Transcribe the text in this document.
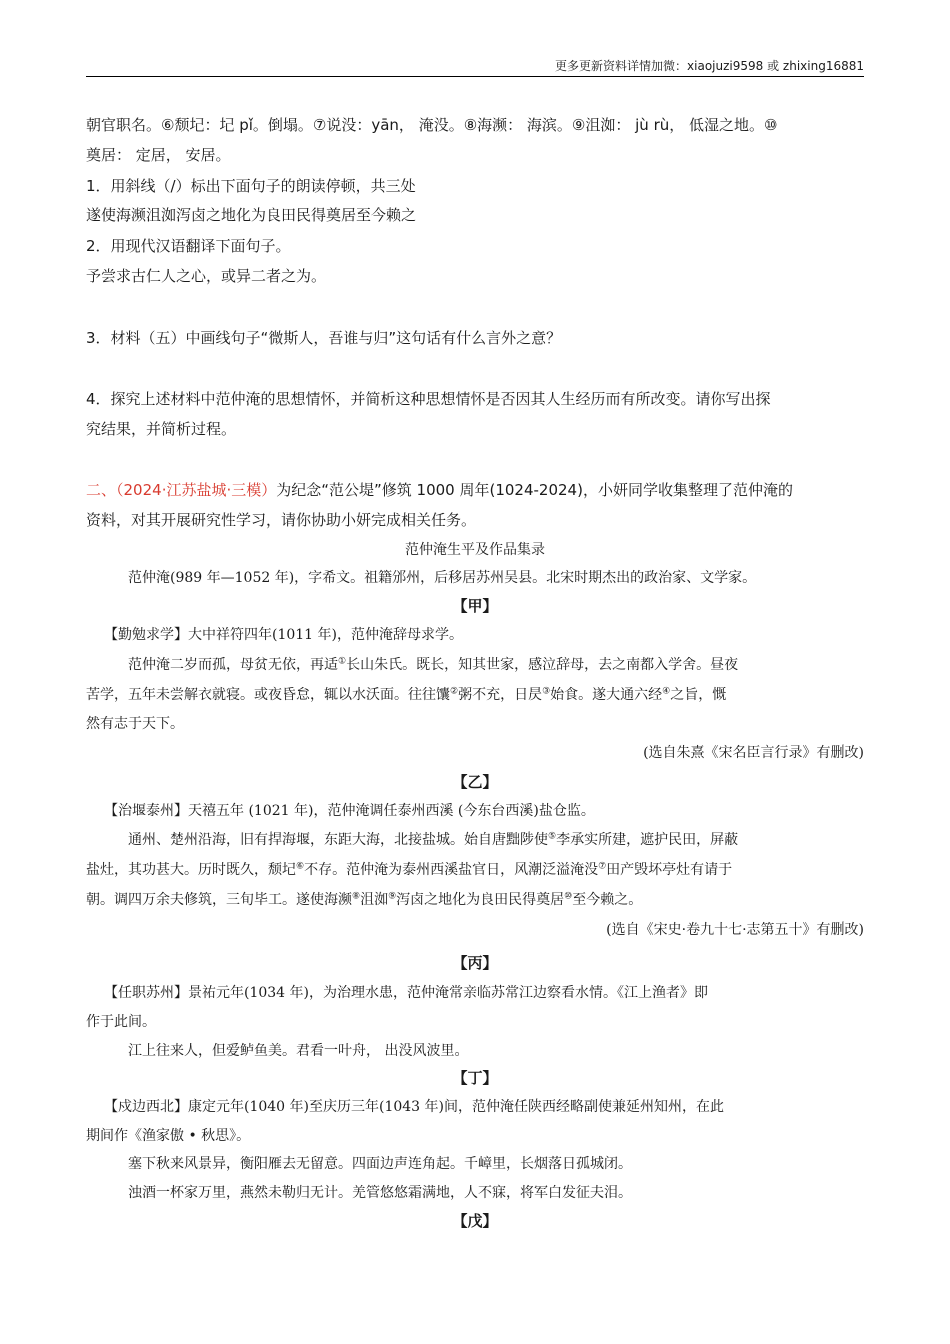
更多更新资料详情加微：xiaojuzi9598 或 zhixing16881
朝官职名。⑥颓圮：圮 pǐ。倒塌。⑦说没：yān， 淹没。⑧海濒： 海滨。⑨沮洳： jù rù， 低湿之地。⑩
奠居： 定居， 安居。
1．用斜线（/）标出下面句子的朗读停顿，共三处
遂使海濒沮洳泻卤之地化为良田民得奠居至今赖之
2．用现代汉语翻译下面句子。
予尝求古仁人之心，或异二者之为。
3．材料（五）中画线句子“微斯人，吾谁与归”这句话有什么言外之意？
4．探究上述材料中范仲淹的思想情怀，并简析这种思想情怀是否因其人生经历而有所改变。请你写出探
究结果，并简析过程。
二、（2024·江苏盐城·三模）为纪念“范公堤”修筑 1000 周年(1024-2024)，小妍同学收集整理了范仲淹的
资料，对其开展研究性学习，请你协助小妍完成相关任务。
范仲淹生平及作品集录
范仲淹(989 年—1052 年)，字希文。祖籍邠州，后移居苏州吴县。北宋时期杰出的政治家、文学家。
【甲】
【勤勉求学】大中祥符四年(1011 年)，范仲淹辞母求学。
范仲淹二岁而孤，母贫无依，再适①长山朱氏。既长，知其世家，感泣辞母，去之南都入学舍。昼夜
苦学，五年未尝解衣就寝。或夜昏怠，辄以水沃面。往往馕②粥不充，日昃③始食。遂大通六经④之旨，慨
然有志于天下。
(选自朱熹《宋名臣言行录》有删改)
【乙】
【治堰泰州】天禧五年 (1021 年)，范仲淹调任泰州西溪 (今东台西溪)盐仓监。
通州、楚州沿海，旧有捍海堰，东距大海，北接盐城。始自唐黜陟使⑤李承实所建，遮护民田，屏蔽
盐灶，其功甚大。历时既久，颓圮⑥不存。范仲淹为泰州西溪盐官日，风潮泛溢淹没⑦田产毁坏亭灶有请于
朝。调四万余夫修筑，三旬毕工。遂使海濒⑧沮洳⑨泻卤之地化为良田民得奠居⑩至今赖之。
(选自《宋史·卷九十七·志第五十》有删改)
【丙】
【任职苏州】景祐元年(1034 年)，为治理水患，范仲淹常亲临苏常江边察看水情。《江上渔者》即
作于此间。
江上往来人，但爱鲈鱼美。君看一叶舟， 出没风波里。
【丁】
【戍边西北】康定元年(1040 年)至庆历三年(1043 年)间，范仲淹任陕西经略副使兼延州知州，在此
期间作《渔家傲 • 秋思》。
塞下秋来风景异，衡阳雁去无留意。四面边声连角起。千嶂里，长烟落日孤城闭。
浊酒一杯家万里，燕然未勒归无计。羌管悠悠霜满地，人不寐，将军白发征夫泪。
【戊】
